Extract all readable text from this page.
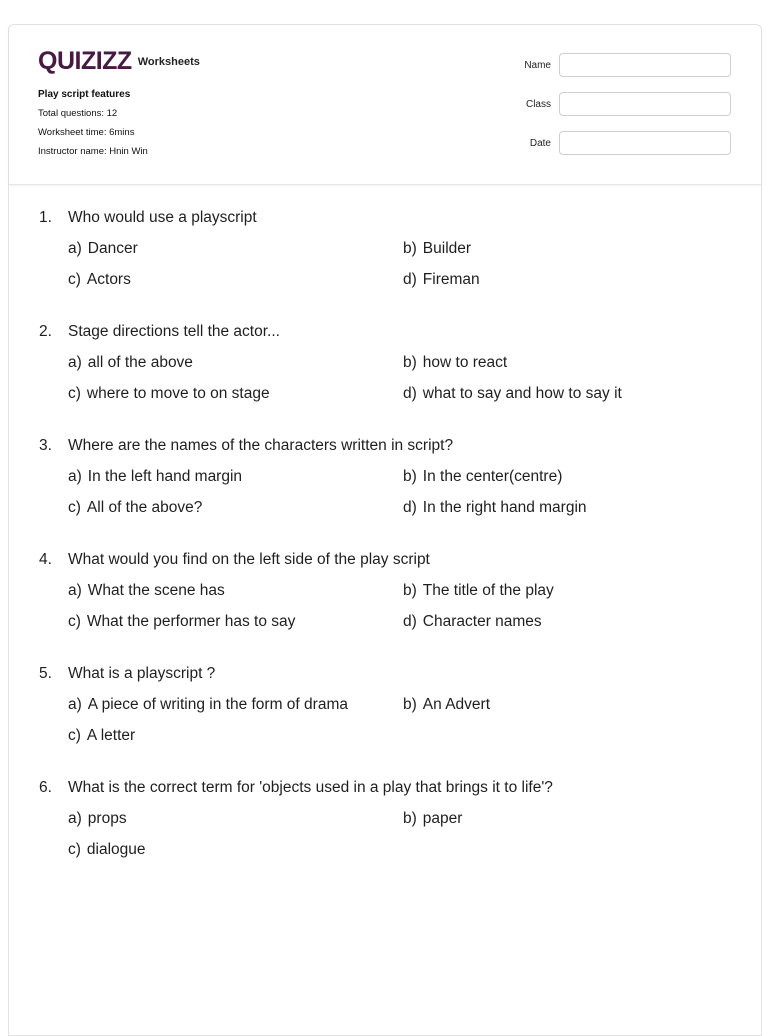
QUIZIZZ Worksheets
Play script features
Total questions: 12
Worksheet time: 6mins
Instructor name: Hnin Win
Name
Class
Date
1.	Who would use a playscript
a) Dancer	b) Builder
c) Actors	d) Fireman
2.	Stage directions tell the actor...
a) all of the above	b) how to react
c) where to move to on stage	d) what to say and how to say it
3.	Where are the names of the characters written in script?
a) In the left hand margin	b) In the center(centre)
c) All of the above?	d) In the right hand margin
4.	What would you find on the left side of the play script
a) What the scene has	b) The title of the play
c) What the performer has to say	d) Character names
5.	What is a playscript ?
a) A piece of writing in the form of drama	b) An Advert
c) A letter
6.	What is the correct term for 'objects used in a play that brings it to life'?
a) props	b) paper
c) dialogue
